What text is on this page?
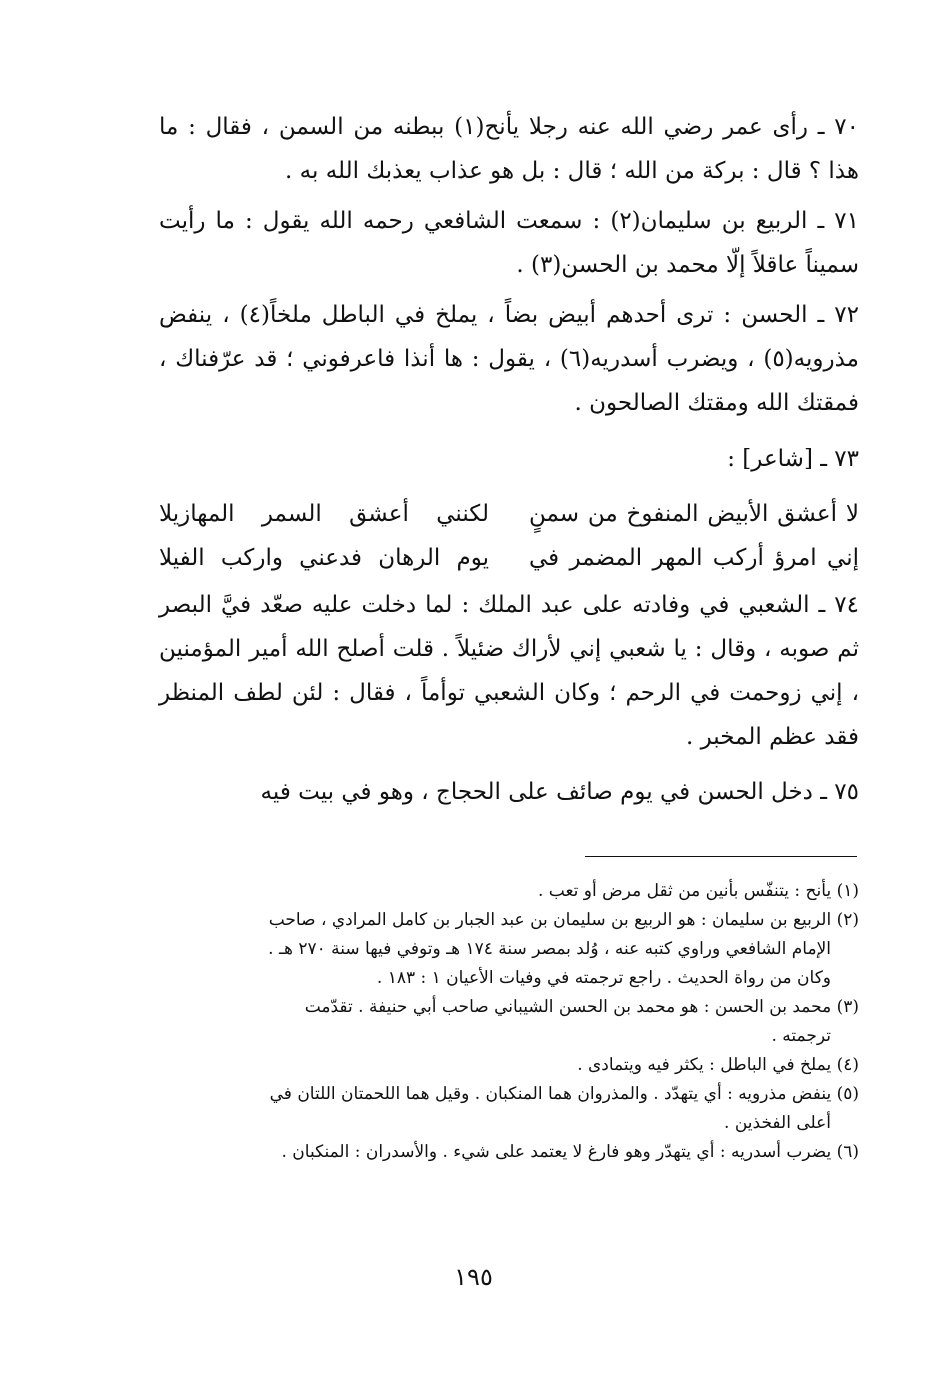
٧٠ ـ رأى عمر رضي الله عنه رجلا يأنح(١) ببطنه من السمن ، فقال : ما هذا ؟ قال : بركة من الله ؛ قال : بل هو عذاب يعذبك الله به .
٧١ ـ الربيع بن سليمان(٢) : سمعت الشافعي رحمه الله يقول : ما رأيت سميناً عاقلاً إلّا محمد بن الحسن(٣) .
٧٢ ـ الحسن : ترى أحدهم أبيض بضاً ، يملخ في الباطل ملخاً(٤) ، ينفض مذرويه(٥) ، ويضرب أسدريه(٦) ، يقول : ها أنذا فاعرفوني ؛ قد عرّفناك ، فمقتك الله ومقتك الصالحون .
٧٣ ـ [شاعر] :
لا أعشق الأبيض المنفوخ من سمنٍ
لكنني أعشق السمر المهازيلا
إني امرؤ أركب المهر المضمر في
يوم الرهان فدعني واركب الفيلا
٧٤ ـ الشعبي في وفادته على عبد الملك : لما دخلت عليه صعّد فيَّ البصر ثم صوبه ، وقال : يا شعبي إني لأراك ضئيلاً . قلت أصلح الله أمير المؤمنين ، إني زوحمت في الرحم ؛ وكان الشعبي توأماً ، فقال : لئن لطف المنظر فقد عظم المخبر .
٧٥ ـ دخل الحسن في يوم صائف على الحجاج ، وهو في بيت فيه
(١) يأنح : يتنفّس بأنين من ثقل مرض أو تعب .
(٢) الربيع بن سليمان : هو الربيع بن سليمان بن عبد الجبار بن كامل المرادي ، صاحب
الإمام الشافعي وراوي كتبه عنه ، وُلد بمصر سنة ١٧٤ هـ وتوفي فيها سنة ٢٧٠ هـ .
وكان من رواة الحديث . راجع ترجمته في وفيات الأعيان ١ : ١٨٣ .
(٣) محمد بن الحسن : هو محمد بن الحسن الشيباني صاحب أبي حنيفة . تقدّمت
ترجمته .
(٤) يملخ في الباطل : يكثر فيه ويتمادى .
(٥) ينفض مذرويه : أي يتهدّد . والمذروان هما المنكبان . وقيل هما اللحمتان اللتان في
أعلى الفخذين .
(٦) يضرب أسدريه : أي يتهدّر وهو فارغ لا يعتمد على شيء . والأسدران : المنكبان .
١٩٥
